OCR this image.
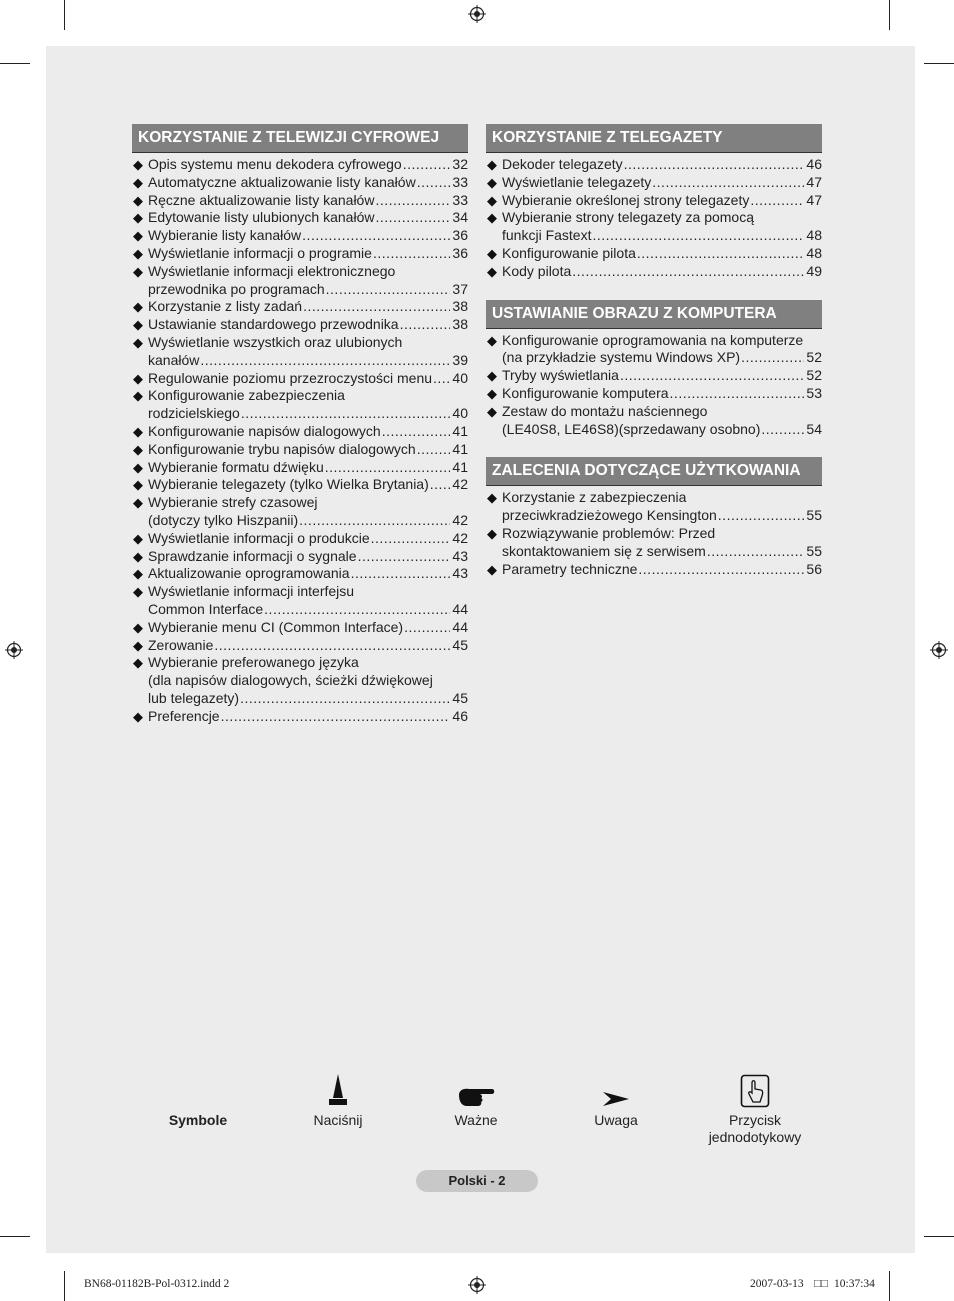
KORZYSTANIE Z TELEWIZJI CYFROWEJ
◆ Opis systemu menu dekodera cyfrowego .....	32
◆ Automatyczne aktualizowanie listy kanałów .....	33
◆ Ręczne aktualizowanie listy kanałów .....	33
◆ Edytowanie listy ulubionych kanałów .....	34
◆ Wybieranie listy kanałów .....	36
◆ Wyświetlanie informacji o programie .....	36
◆ Wyświetlanie informacji elektronicznego
przewodnika po programach .....	37
◆ Korzystanie z listy zadań .....	38
◆ Ustawianie standardowego przewodnika .....	38
◆ Wyświetlanie wszystkich oraz ulubionych
kanałów .....	39
◆ Regulowanie poziomu przezroczystości menu ..... 40
◆ Konfigurowanie zabezpieczenia
rodzicielskiego .....	40
◆ Konfigurowanie napisów dialogowych .....	41
◆ Konfigurowanie trybu napisów dialogowych .....	41
◆ Wybieranie formatu dźwięku .....	41
◆ Wybieranie telegazety (tylko Wielka Brytania) ..... 42
◆ Wybieranie strefy czasowej
(dotyczy tylko Hiszpanii) .....	42
◆ Wyświetlanie informacji o produkcie .....	42
◆ Sprawdzanie informacji o sygnale .....	43
◆ Aktualizowanie oprogramowania .....	43
◆ Wyświetlanie informacji interfejsu
Common Interface .....	44
◆ Wybieranie menu CI (Common Interface) .....	44
◆ Zerowanie .....	45
◆ Wybieranie preferowanego języka
(dla napisów dialogowych, ścieżki dźwiękowej
lub telegazety) .....	45
◆ Preferencje .....	46
KORZYSTANIE Z TELEGAZETY
◆ Dekoder telegazety .....	46
◆ Wyświetlanie telegazety .....	47
◆ Wybieranie określonej strony telegazety .....	47
◆ Wybieranie strony telegazety za pomocą
funkcji Fastext .....	48
◆ Konfigurowanie pilota .....	48
◆ Kody pilota .....	49
USTAWIANIE OBRAZU Z KOMPUTERA
◆ Konfigurowanie oprogramowania na komputerze
(na przykładzie systemu Windows XP) .....	52
◆ Tryby wyświetlania .....	52
◆ Konfigurowanie komputera .....	53
◆ Zestaw do montażu naściennego
(LE40S8, LE46S8)(sprzedawany osobno) .....	54
ZALECENIA DOTYCZĄCE UŻYTKOWANIA
◆ Korzystanie z zabezpieczenia
przeciwkradzieżowego Kensington .....	55
◆ Rozwiązywanie problemów: Przed
skontaktowaniem się z serwisem .....	55
◆ Parametry techniczne .....	56
Symbole	Naciśnij	Ważne	Uwaga	Przycisk
jednodotykowy
Polski - 2
BN68-01182B-Pol-0312.indd 2	2007-03-13 □□ 10:37:34
